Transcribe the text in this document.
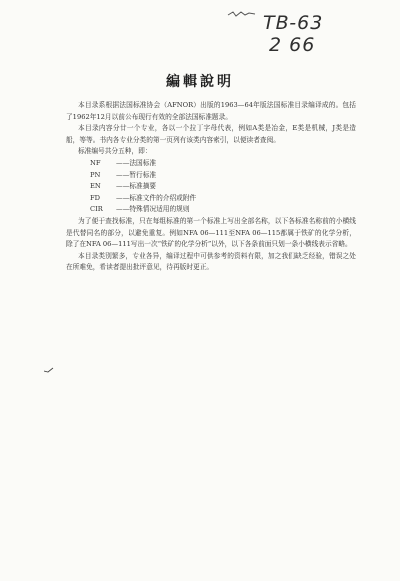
TB-63
2 66
編輯說明

本目录系根据法国标准协会（AFNOR）出版的1963—64年版法国标准目录编译成的。包括了1962年12月以前公布现行有效的全部法国标准题录。

本目录内容分廿一个专业，各以一个拉丁字母代表，例如A类是冶金，E类是机械，J类是造船，等等。书内各专业分类的第一页列有该类内容索引，以便读者查阅。

标准编号共分五种，即：

NF ——法国标准
PN ——暂行标准
EN ——标准摘要
FD ——标准文件的介绍或附件
CIR ——特殊情况适用的规则

为了便于查找标准，只在每组标准的第一个标准上写出全部名称，以下各标准名称前的小横线是代替同名的部分，以避免重复。例如NFA 06—111至NFA 06—115都属于铁矿的化学分析，除了在NFA 06—111写出一次“铁矿的化学分析”以外，以下各条前面只划一条小横线表示省略。

本目录类别繁多，专业各异，编译过程中可供参考的资料有限，加之我们缺乏经验，错误之处在所难免，希读者提出批评意见，待再版时更正。
